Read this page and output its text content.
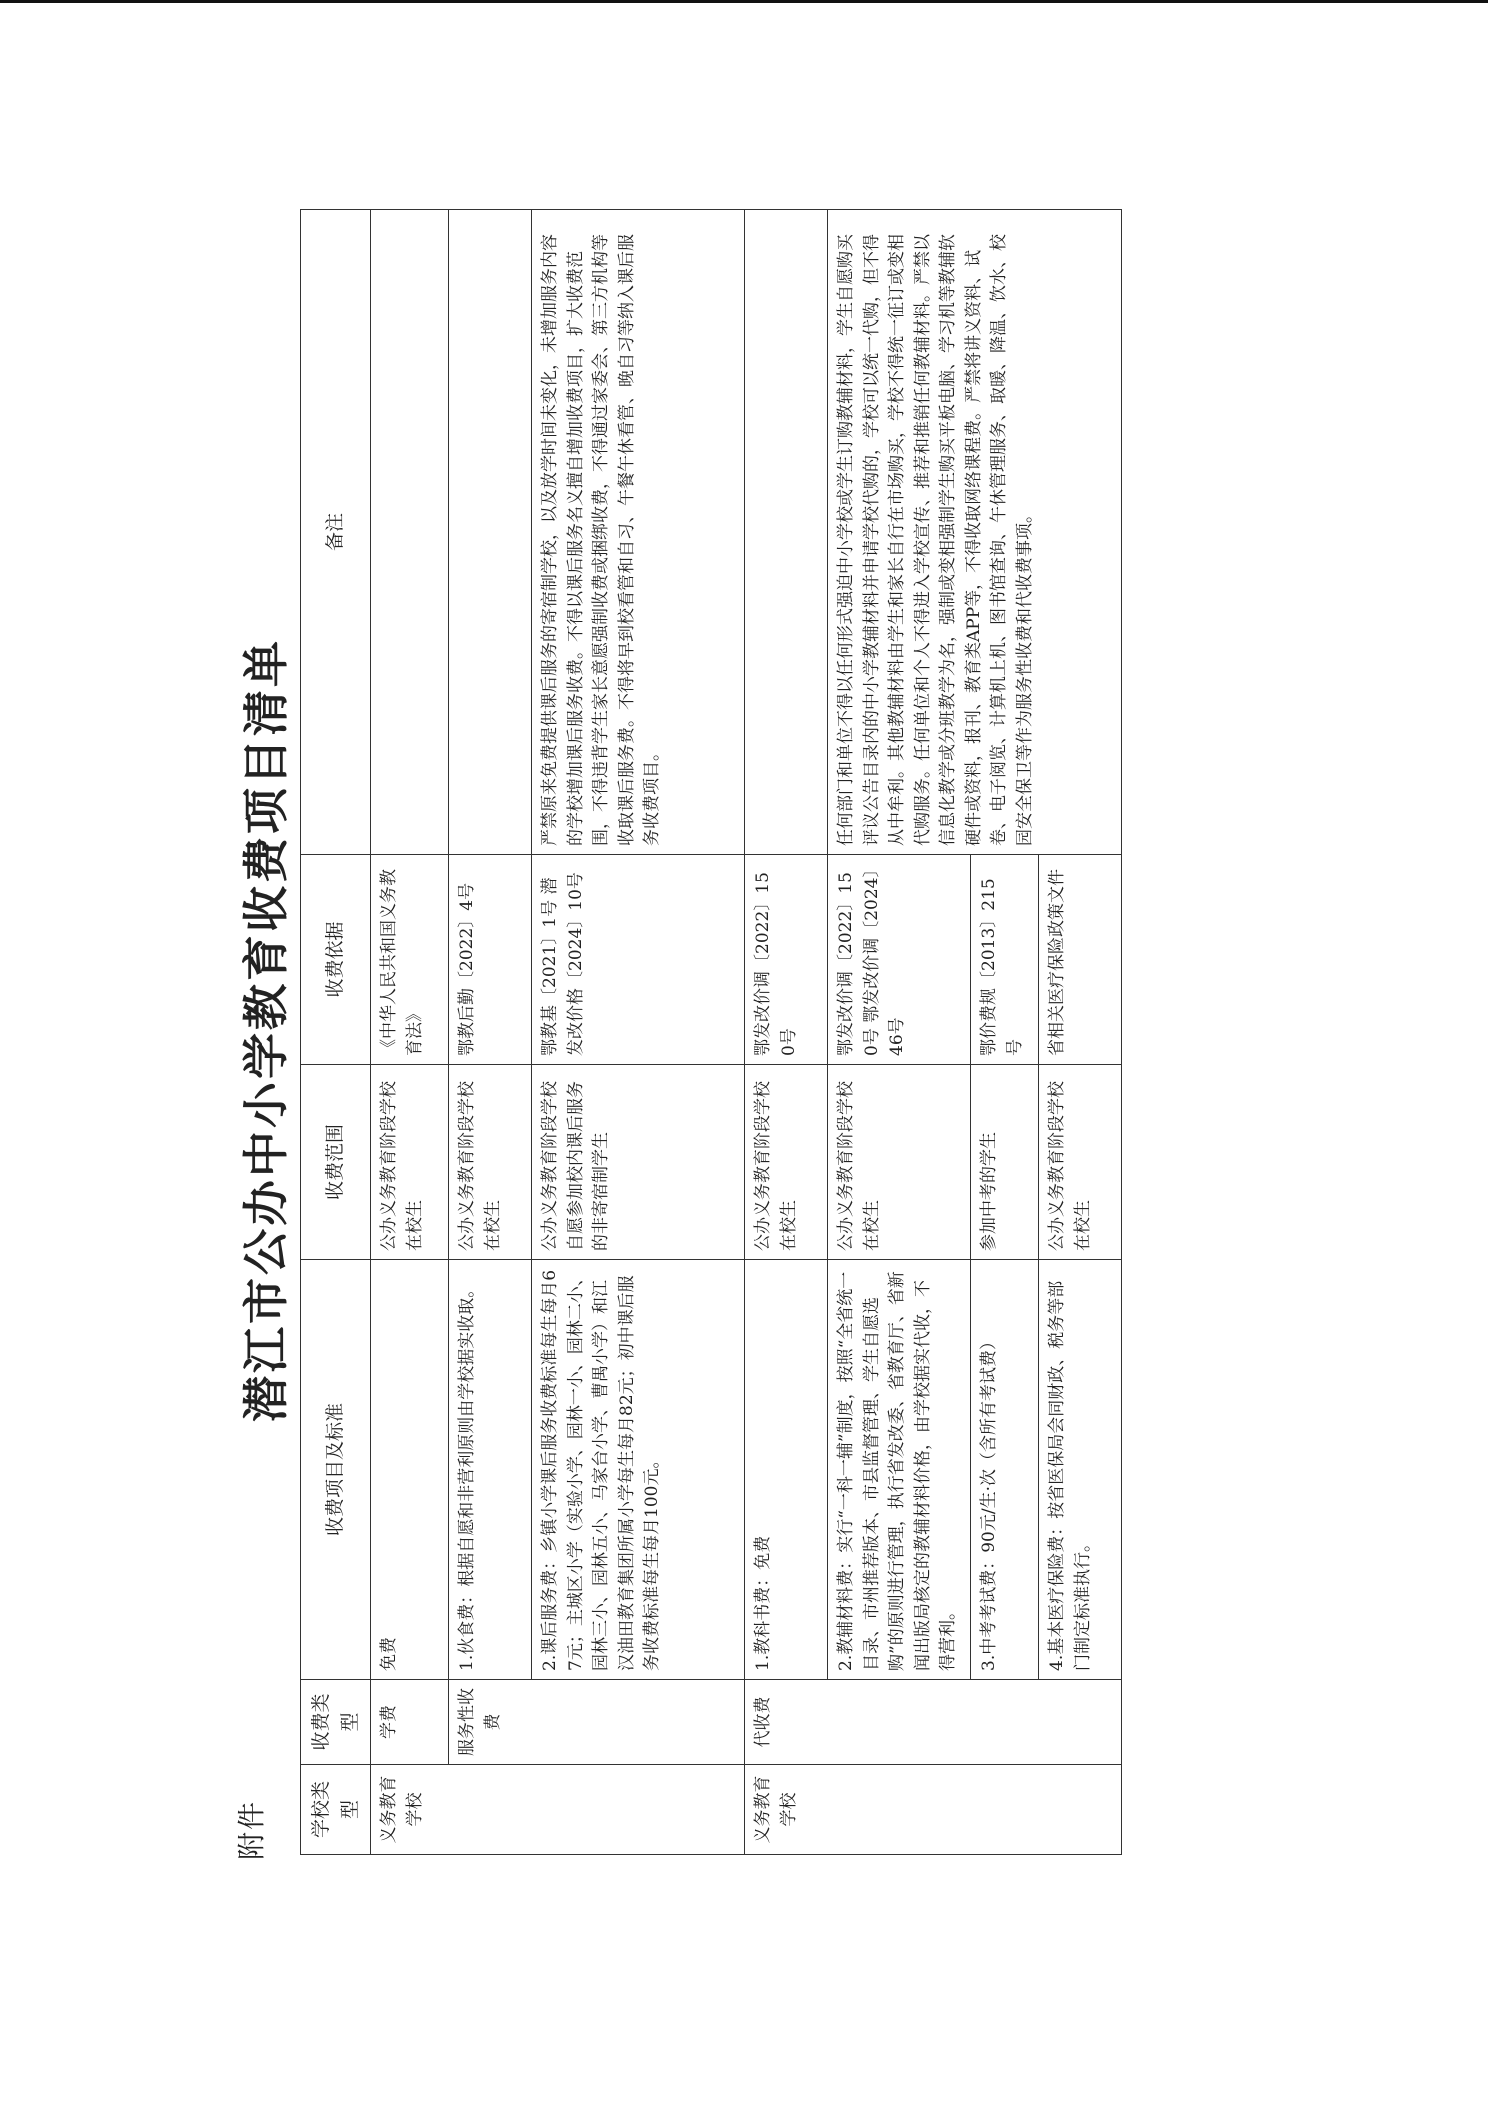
附件
潜江市公办中小学教育收费项目清单
学校类型	收费类型	收费项目及标准	收费范围	收费依据	备注
义务教育学校	学费	免费	公办义务教育阶段学校在校生	《中华人民共和国义务教育法》	
	服务性收费	1.伙食费：根据自愿和非营利原则由学校据实收取。	公办义务教育阶段学校在校生	鄂教后勤〔2022〕4号	
		2.课后服务费：乡镇小学课后服务收费标准每生每月67元；主城区小学（实验小学、园林一小、园林二小、园林三小、园林五小、马家台小学、曹禺小学）和江汉油田教育集团所属小学每生每月82元；初中课后服务收费标准每生每月100元。	公办义务教育阶段学校自愿参加校内课后服务的非寄宿制学生	鄂教基〔2021〕1号 潜发改价格〔2024〕10号	严禁原来免费提供课后服务的寄宿制学校，以及放学时间未变化，未增加服务内容的学校增加课后服务收费。不得以课后服务名义擅自增加收费项目，扩大收费范围，不得违背学生家长意愿强制收费或捆绑收费，不得通过家委会、第三方机构等收取课后服务费。不得将早到校看管和自习、午餐午休看管、晚自习等纳入课后服务收费项目。
义务教育学校	代收费	1.教科书费：免费	公办义务教育阶段学校在校生	鄂发改价调〔2022〕150号	
		2.教辅材料费：实行“一科一辅”制度，按照“全省统一目录、市州推荐版本、市县监督管理、学生自愿选购”的原则进行管理，执行省发改委、省教育厅、省新闻出版局核定的教辅材料价格，由学校据实代收，不得营利。	公办义务教育阶段学校在校生	鄂发改价调〔2022〕150号 鄂发改价调〔2024〕46号	任何部门和单位不得以任何形式强迫中小学校或学生订购教辅材料，学生自愿购买评议公告目录内的中小学教辅材料并申请学校代购的，学校可以统一代购，但不得从中牟利。其他教辅材料由学生和家长自行在市场购买，学校不得统一征订或变相代购服务。任何单位和个人不得进入学校宣传、推荐和推销任何教辅材料。严禁以信息化教学或分班教学为名，强制或变相强制学生购买平板电脑、学习机等教辅软硬件或资料，报刊、教育类APP等，不得收取网络课程费。严禁将讲义资料、试卷、电子阅览、计算机上机、图书馆查询、午休管理服务、取暖、降温、饮水、校园安全保卫等作为服务性收费和代收费事项。
		3.中考考试费：90元/生·次（含所有考试费）	参加中考的学生	鄂价费规〔2013〕215号	
		4.基本医疗保险费：按省医保局会同财政、税务等部门制定标准执行。	公办义务教育阶段学校在校生	省相关医疗保险政策文件	
